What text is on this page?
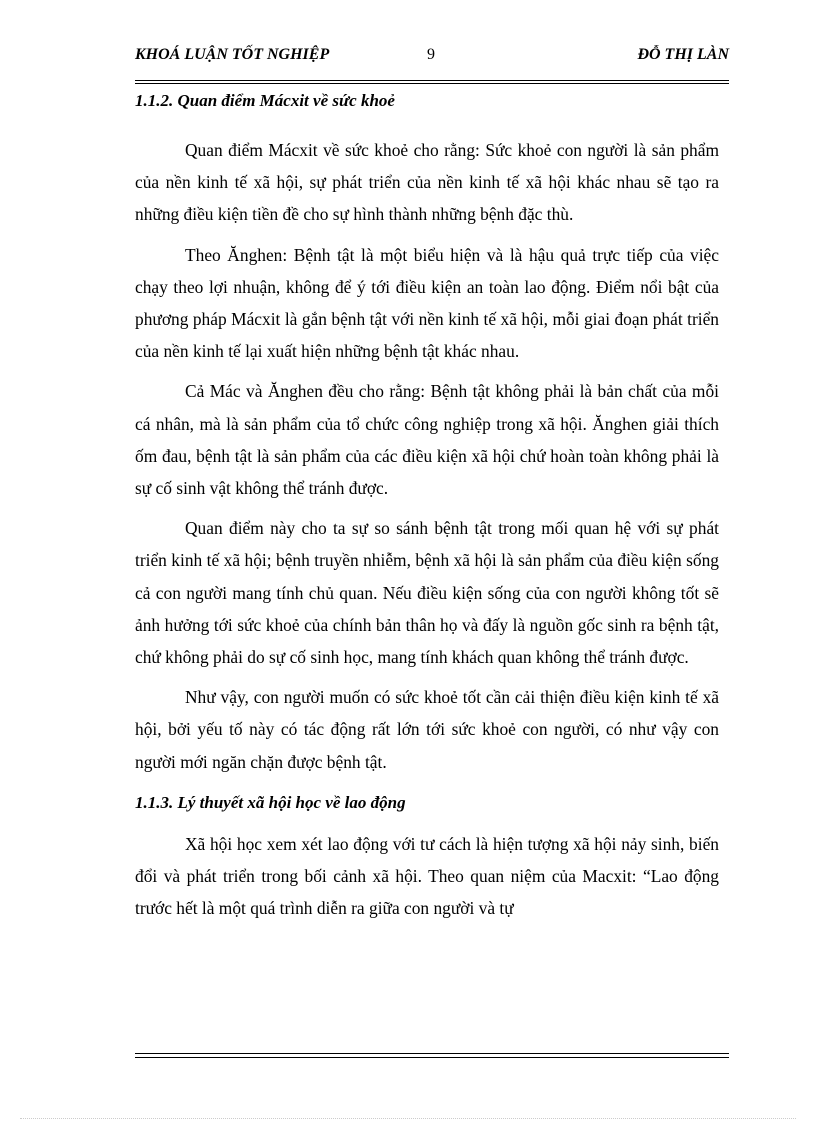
KHOÁ LUẬN TỐT NGHIỆP	9	ĐỖ THỊ LÀN
1.1.2. Quan điểm Mácxit về sức khoẻ

Quan điểm Mácxit về sức khoẻ cho rằng: Sức khoẻ con người là sản phẩm của nền kinh tế xã hội, sự phát triển của nền kinh tế xã hội khác nhau sẽ tạo ra những điều kiện tiền đề cho sự hình thành những bệnh đặc thù.

Theo Ănghen: Bệnh tật là một biểu hiện và là hậu quả trực tiếp của việc chạy theo lợi nhuận, không để ý tới điều kiện an toàn lao động. Điểm nổi bật của phương pháp Mácxit là gắn bệnh tật với nền kinh tế xã hội, mỗi giai đoạn phát triển của nền kinh tế lại xuất hiện những bệnh tật khác nhau.

Cả Mác và Ănghen đều cho rằng: Bệnh tật không phải là bản chất của mỗi cá nhân, mà là sản phẩm của tổ chức công nghiệp trong xã hội. Ănghen giải thích ốm đau, bệnh tật là sản phẩm của các điều kiện xã hội chứ hoàn toàn không phải là sự cố sinh vật không thể tránh được.

Quan điểm này cho ta sự so sánh bệnh tật trong mối quan hệ với sự phát triển kinh tế xã hội; bệnh truyền nhiễm, bệnh xã hội là sản phẩm của điều kiện sống cả con người mang tính chủ quan. Nếu điều kiện sống của con người không tốt sẽ ảnh hưởng tới sức khoẻ của chính bản thân họ và đấy là nguồn gốc sinh ra bệnh tật, chứ không phải do sự cố sinh học, mang tính khách quan không thể tránh được.

Như vậy, con người muốn có sức khoẻ tốt cần cải thiện điều kiện kinh tế xã hội, bởi yếu tố này có tác động rất lớn tới sức khoẻ con người, có như vậy con người mới ngăn chặn được bệnh tật.

1.1.3. Lý thuyết xã hội học về lao động

Xã hội học xem xét lao động với tư cách là hiện tượng xã hội nảy sinh, biến đổi và phát triển trong bối cảnh xã hội. Theo quan niệm của Macxit: “Lao động trước hết là một quá trình diễn ra giữa con người và tự
